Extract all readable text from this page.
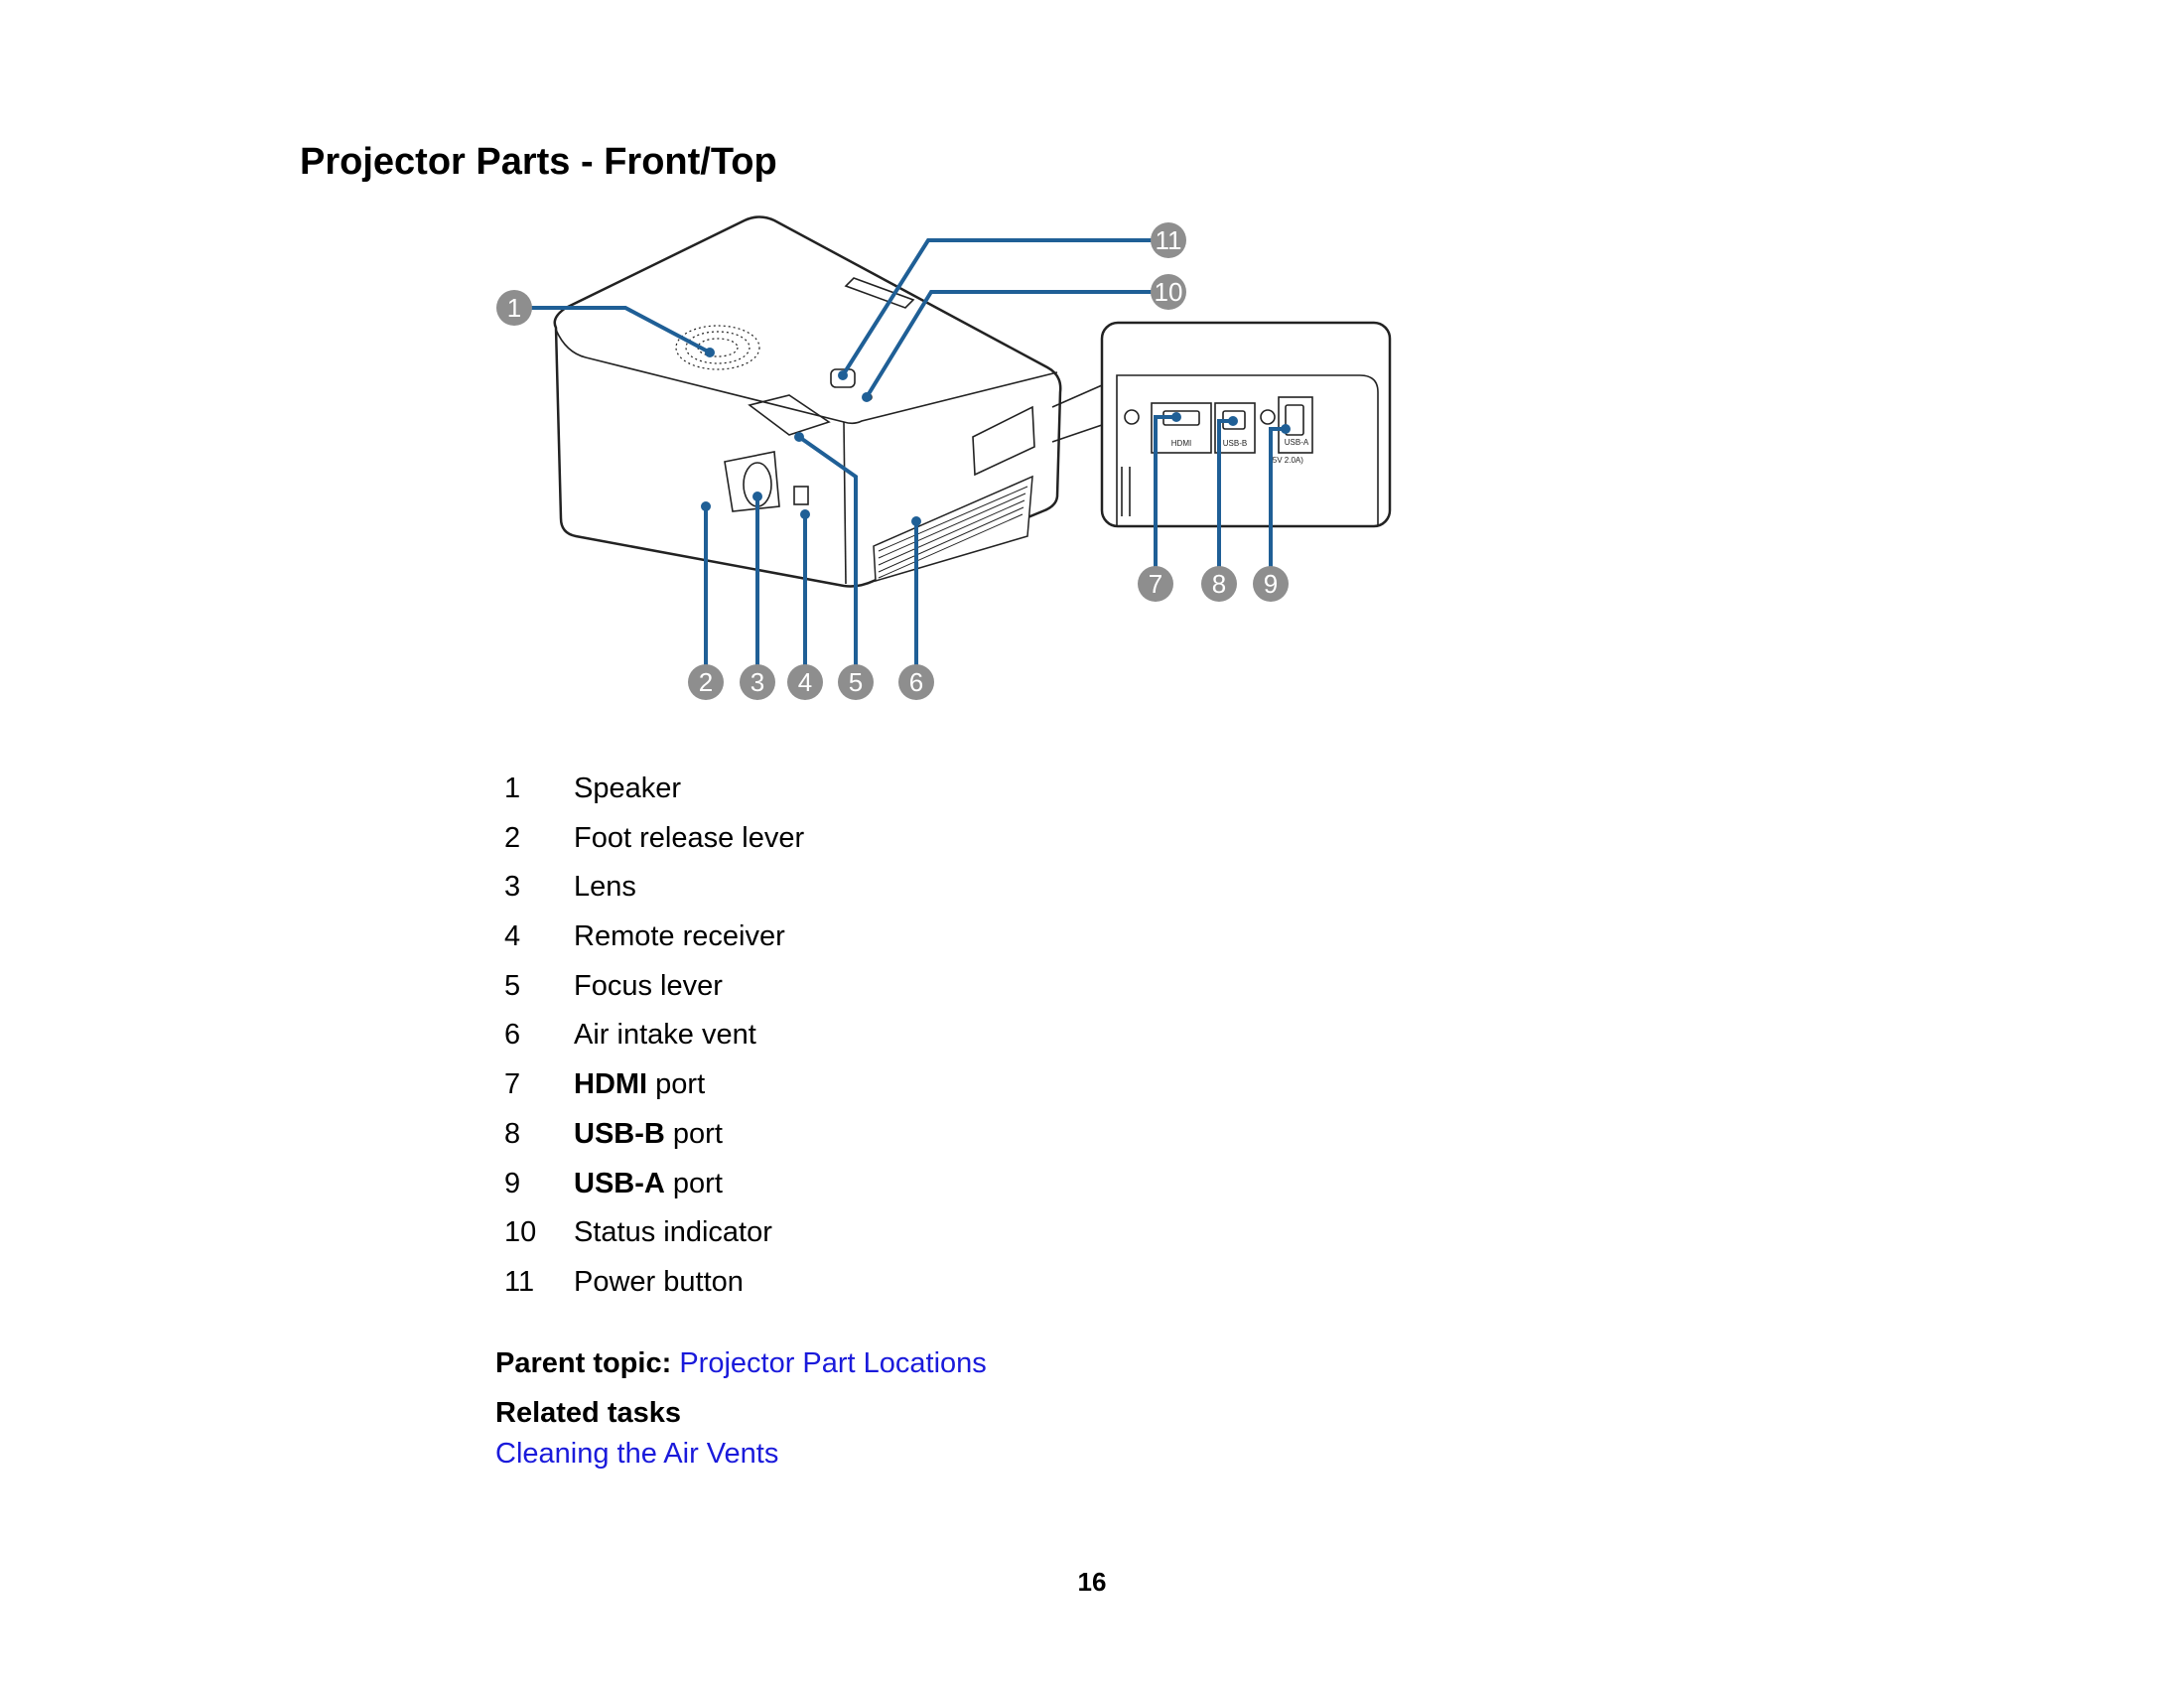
Projector Parts - Front/Top
HDMI	USB-B	USB-A
(5V 2.0A)
1
2 3 4 5 6
7 8 9
10
11
1	Speaker
2	Foot release lever
3	Lens
4	Remote receiver
5	Focus lever
6	Air intake vent
7	HDMI port
8	USB-B port
9	USB-A port
10	Status indicator
11	Power button
Parent topic: Projector Part Locations
Related tasks
Cleaning the Air Vents
16
